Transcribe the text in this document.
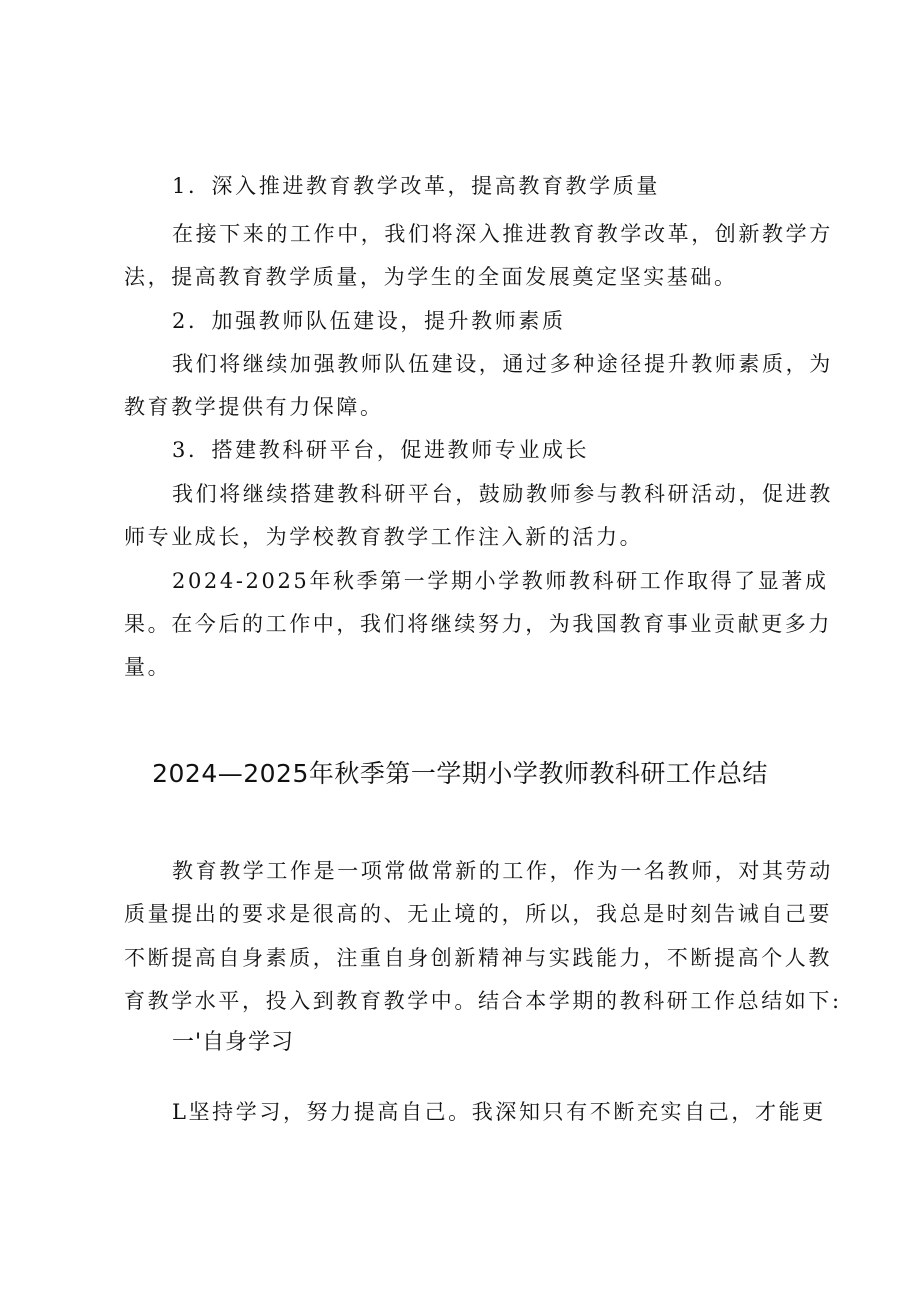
1．深入推进教育教学改革，提高教育教学质量
在接下来的工作中，我们将深入推进教育教学改革，创新教学方
法，提高教育教学质量，为学生的全面发展奠定坚实基础。
2．加强教师队伍建设，提升教师素质
我们将继续加强教师队伍建设，通过多种途径提升教师素质，为
教育教学提供有力保障。
3．搭建教科研平台，促进教师专业成长
我们将继续搭建教科研平台，鼓励教师参与教科研活动，促进教
师专业成长，为学校教育教学工作注入新的活力。
2024-2025年秋季第一学期小学教师教科研工作取得了显著成
果。在今后的工作中，我们将继续努力，为我国教育事业贡献更多力
量。
2024—2025年秋季第一学期小学教师教科研工作总结
教育教学工作是一项常做常新的工作，作为一名教师，对其劳动
质量提出的要求是很高的、无止境的，所以，我总是时刻告诫自己要
不断提高自身素质，注重自身创新精神与实践能力，不断提高个人教
育教学水平，投入到教育教学中。结合本学期的教科研工作总结如下:
一'自身学习
L坚持学习，努力提高自己。我深知只有不断充实自己，才能更
